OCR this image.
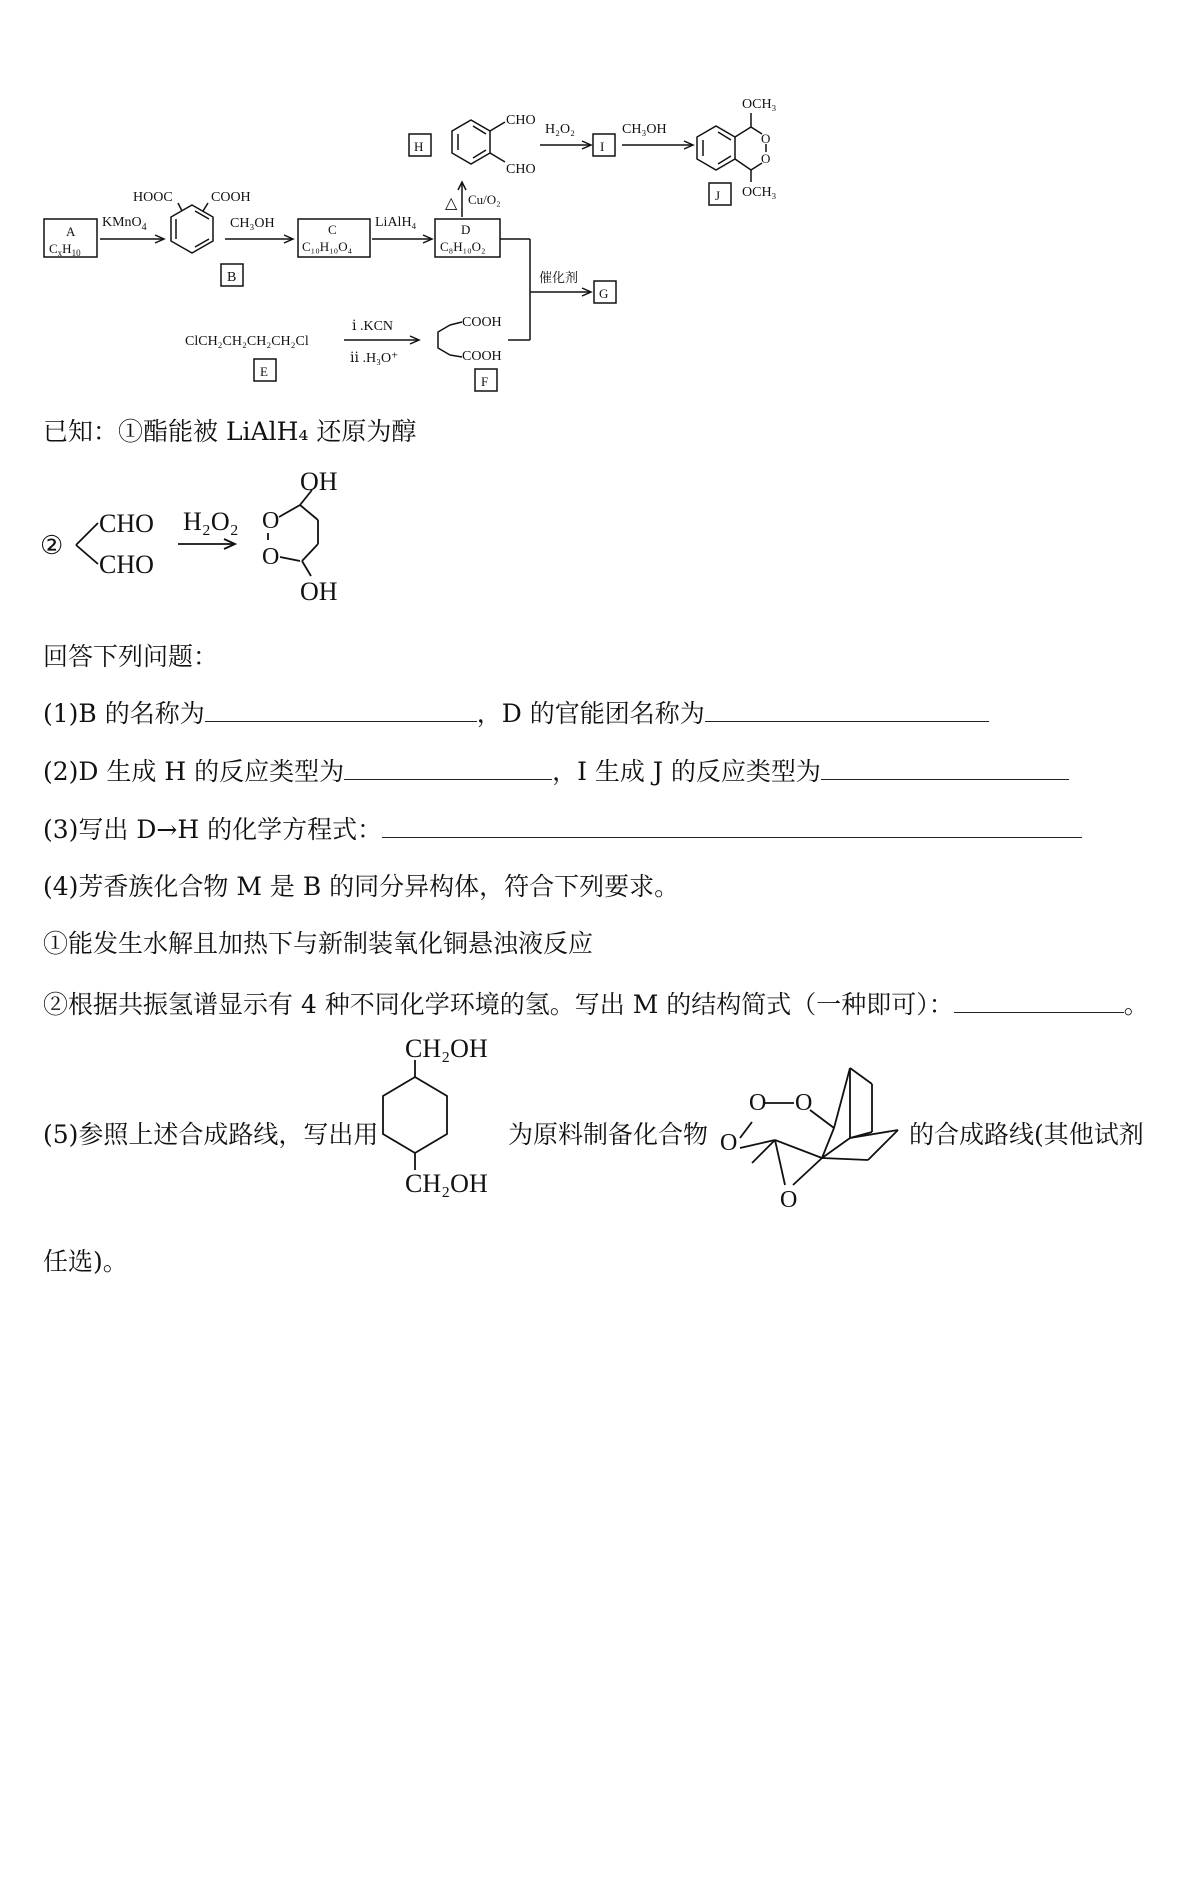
A
$C_xH_{10}$
KMnO$_4$
HOOC	COOH
B
CH₃OH	C
C₁₀H₁₀O₄
LiAlH₄	D
C₈H₁₀O₂
Cu/O₂
△
H
CHO
CHO
H₂O₂
I
CH₃OH
OCH₃
OCH₃
O
O
J
催化剂
G
ClCH₂CH₂CH₂CH₂Cl
E
ⅰ .KCN
ⅱ .H₃O⁺
COOH
COOH
F
已知：①酯能被 LiAlH₄ 还原为醇
②
CHO
CHO
H₂O₂
OH
OH
O
O
回答下列问题：
(1)B 的名称为	，D 的官能团名称为
(2)D 生成 H 的反应类型为	，I 生成 J 的反应类型为
(3)写出 D→H 的化学方程式：
(4)芳香族化合物 M 是 B 的同分异构体，符合下列要求。
①能发生水解且加热下与新制装氧化铜悬浊液反应
②根据共振氢谱显示有 4 种不同化学环境的氢。写出 M 的结构简式（一种即可）：	。
(5)参照上述合成路线，写出用	为原料制备化合物	的合成路线(其他试剂
任选)。
CH₂OH
CH₂OH
O O
O
O
